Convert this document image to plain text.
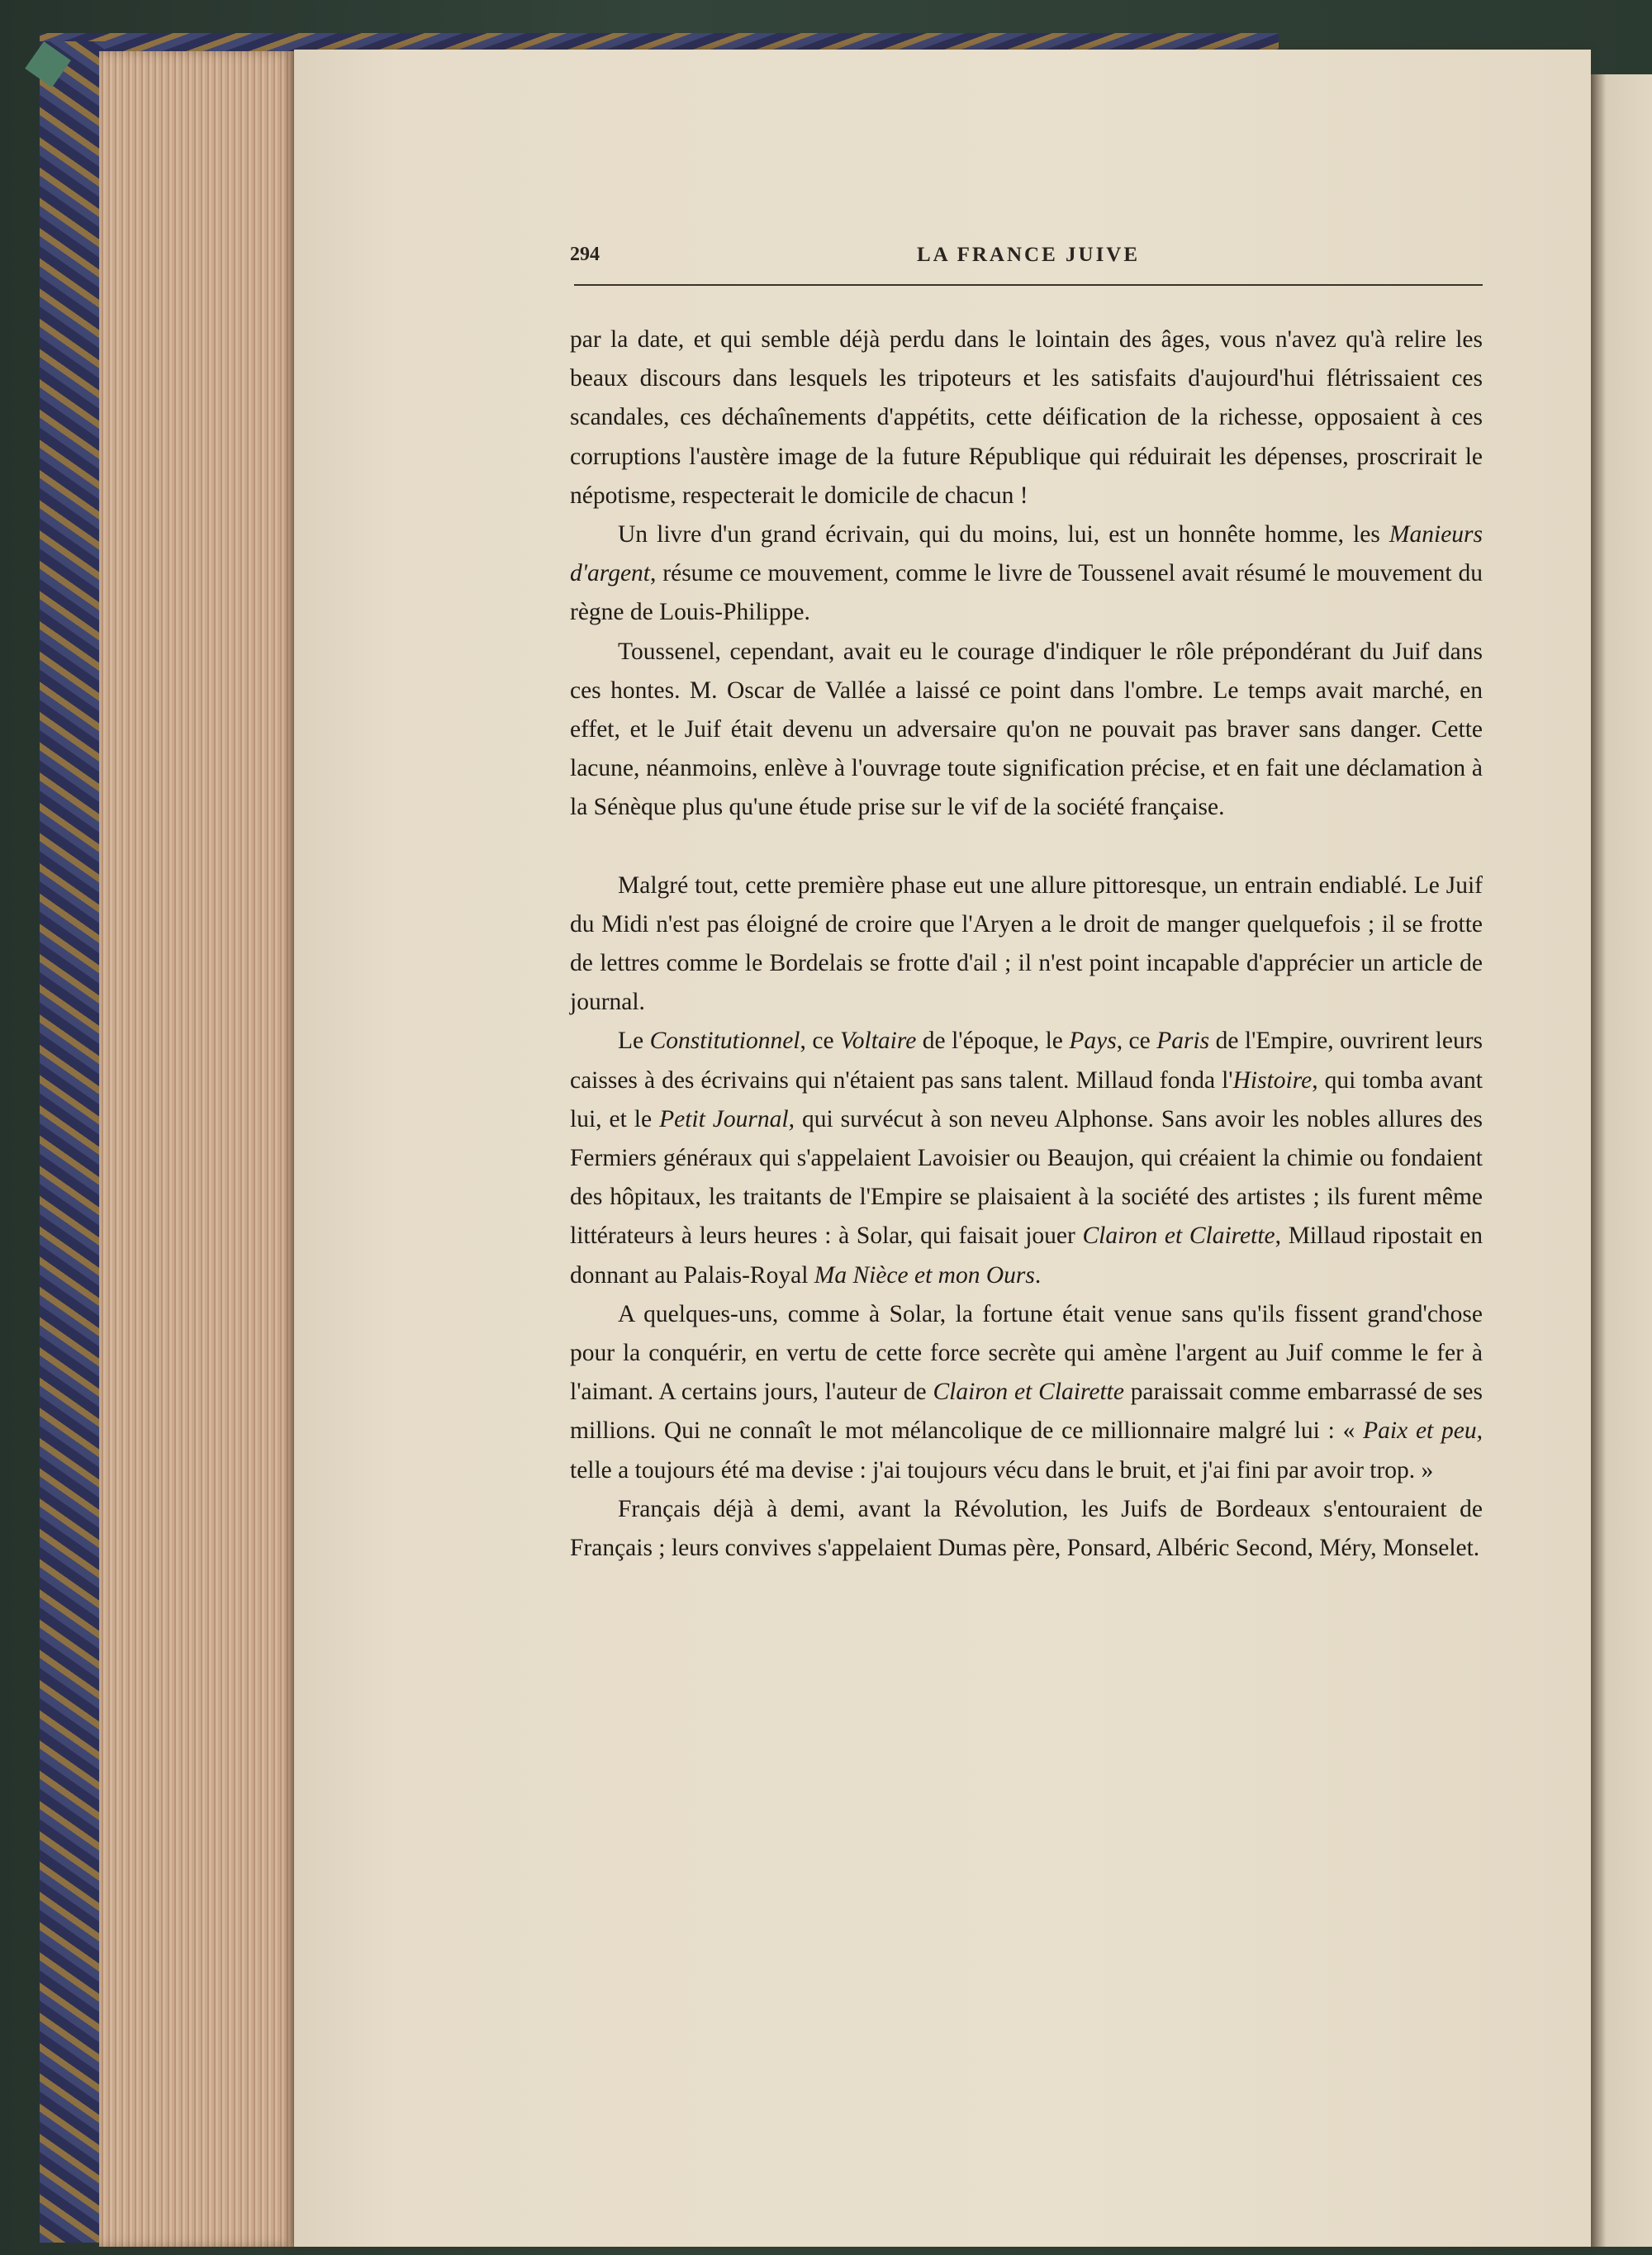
294	LA FRANCE JUIVE

par la date, et qui semble déjà perdu dans le lointain des âges, vous n'avez qu'à relire les beaux discours dans lesquels les tripoteurs et les satisfaits d'aujourd'hui flétrissaient ces scandales, ces déchaînements d'appétits, cette déification de la richesse, opposaient à ces corruptions l'austère image de la future République qui réduirait les dépenses, proscrirait le népotisme, respecterait le domicile de chacun !

Un livre d'un grand écrivain, qui du moins, lui, est un honnête homme, les Manieurs d'argent, résume ce mouvement, comme le livre de Toussenel avait résumé le mouvement du règne de Louis-Philippe.

Toussenel, cependant, avait eu le courage d'indiquer le rôle prépondérant du Juif dans ces hontes. M. Oscar de Vallée a laissé ce point dans l'ombre. Le temps avait marché, en effet, et le Juif était devenu un adversaire qu'on ne pouvait pas braver sans danger. Cette lacune, néanmoins, enlève à l'ouvrage toute signification précise, et en fait une déclamation à la Sénèque plus qu'une étude prise sur le vif de la société française.

Malgré tout, cette première phase eut une allure pittoresque, un entrain endiablé. Le Juif du Midi n'est pas éloigné de croire que l'Aryen a le droit de manger quelquefois ; il se frotte de lettres comme le Bordelais se frotte d'ail ; il n'est point incapable d'apprécier un article de journal.

Le Constitutionnel, ce Voltaire de l'époque, le Pays, ce Paris de l'Empire, ouvrirent leurs caisses à des écrivains qui n'étaient pas sans talent. Millaud fonda l'Histoire, qui tomba avant lui, et le Petit Journal, qui survécut à son neveu Alphonse. Sans avoir les nobles allures des Fermiers généraux qui s'appelaient Lavoisier ou Beaujon, qui créaient la chimie ou fondaient des hôpitaux, les traitants de l'Empire se plaisaient à la société des artistes ; ils furent même littérateurs à leurs heures : à Solar, qui faisait jouer Clairon et Clairette, Millaud ripostait en donnant au Palais-Royal Ma Nièce et mon Ours.

A quelques-uns, comme à Solar, la fortune était venue sans qu'ils fissent grand'chose pour la conquérir, en vertu de cette force secrète qui amène l'argent au Juif comme le fer à l'aimant. A certains jours, l'auteur de Clairon et Clairette paraissait comme embarrassé de ses millions. Qui ne connaît le mot mélancolique de ce millionnaire malgré lui : « Paix et peu, telle a toujours été ma devise : j'ai toujours vécu dans le bruit, et j'ai fini par avoir trop. »

Français déjà à demi, avant la Révolution, les Juifs de Bordeaux s'entouraient de Français ; leurs convives s'appelaient Dumas père, Ponsard, Albéric Second, Méry, Monselet.
